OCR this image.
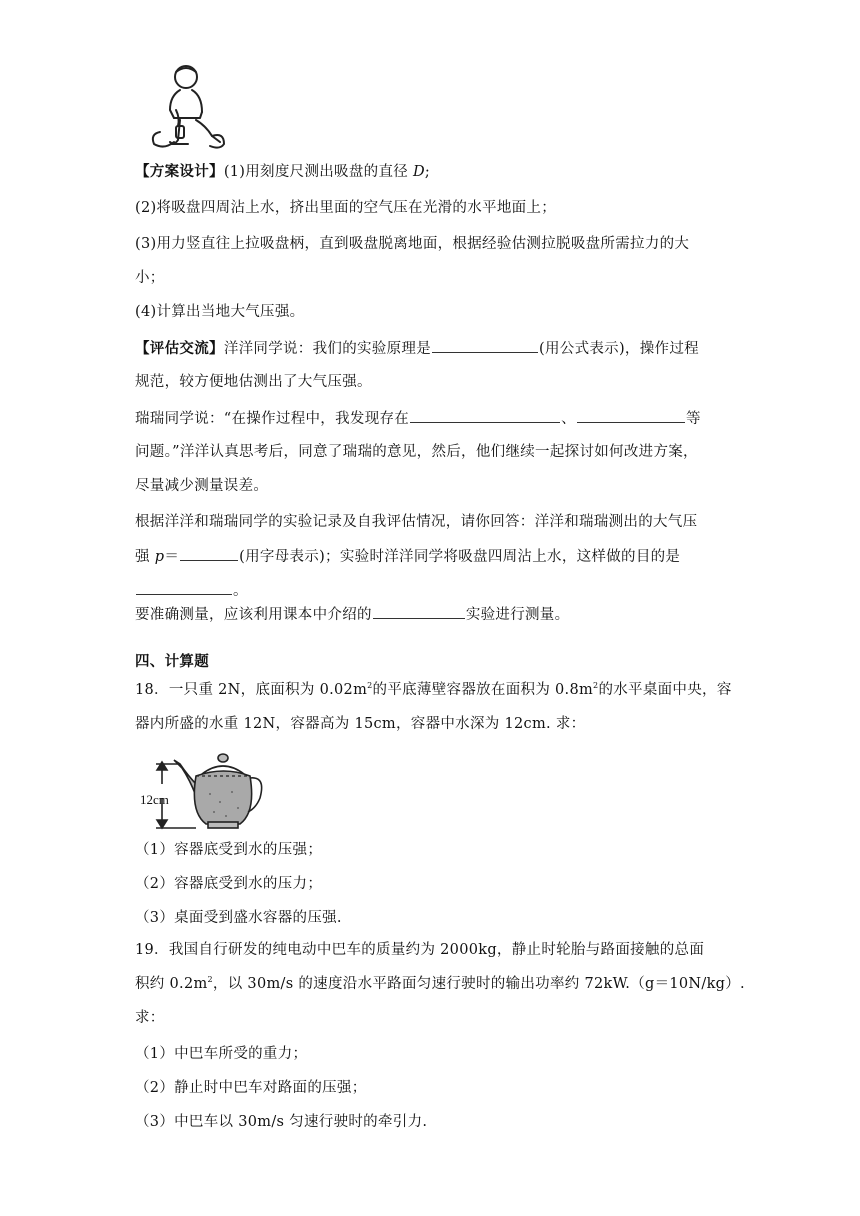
【方案设计】(1)用刻度尺测出吸盘的直径 D;
(2)将吸盘四周沾上水，挤出里面的空气压在光滑的水平地面上；
(3)用力竖直往上拉吸盘柄，直到吸盘脱离地面，根据经验估测拉脱吸盘所需拉力的大
小；
(4)计算出当地大气压强。
【评估交流】洋洋同学说：我们的实验原理是	(用公式表示)，操作过程
规范，较方便地估测出了大气压强。
瑞瑞同学说：“在操作过程中，我发现存在	、	等
问题。”洋洋认真思考后，同意了瑞瑞的意见，然后，他们继续一起探讨如何改进方案，
尽量减少测量误差。
根据洋洋和瑞瑞同学的实验记录及自我评估情况，请你回答：洋洋和瑞瑞测出的大气压
强 p＝	(用字母表示)；实验时洋洋同学将吸盘四周沾上水，这样做的目的是
。
要准确测量，应该利用课本中介绍的	实验进行测量。
四、计算题
18．一只重 2N，底面积为 $0.02m^2$的平底薄壁容器放在面积为 $0.8m^2$的水平桌面中央，容
器内所盛的水重 12N，容器高为 15cm，容器中水深为 12cm. 求：
12cm
（1）容器底受到水的压强；
（2）容器底受到水的压力；
（3）桌面受到盛水容器的压强.
19．我国自行研发的纯电动中巴车的质量约为 2000kg，静止时轮胎与路面接触的总面
积约 $0.2m^2$，以 30m/s 的速度沿水平路面匀速行驶时的输出功率约 72kW.（g＝10N/kg）.
求：
（1）中巴车所受的重力；
（2）静止时中巴车对路面的压强；
（3）中巴车以 30m/s 匀速行驶时的牵引力.
